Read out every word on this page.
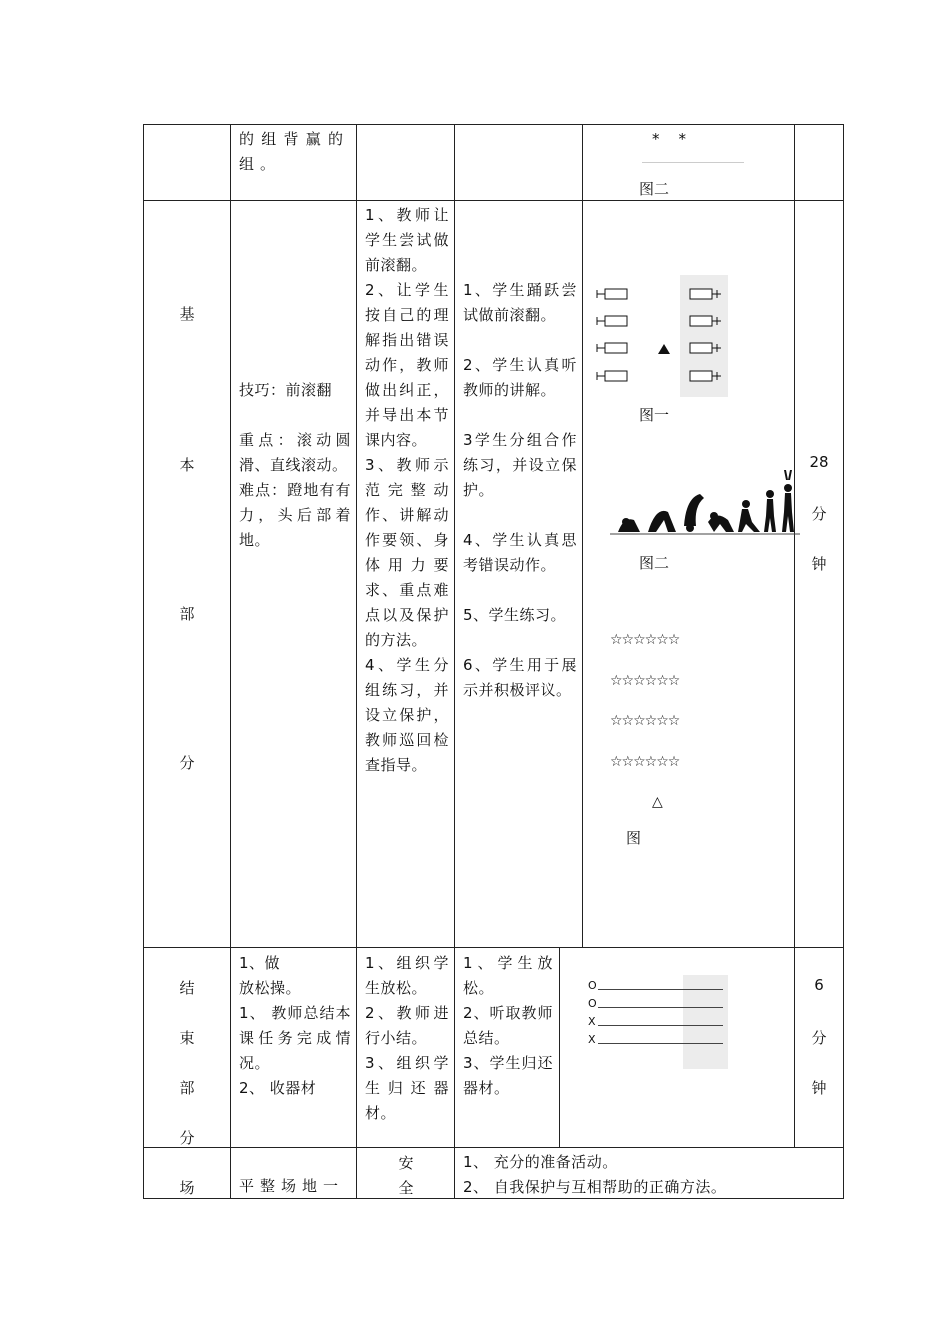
的组背赢的组。
*　*
图二
基
本
部
分
技巧：前滚翻

重点：滚动圆滑、直线滚动。
难点：蹬地有有力，头后部着地。
1、教师让学生尝试做前滚翻。
2、让学生按自己的理解指出错误动作，教师做出纠正，并导出本节课内容。
3、教师示范完整动作、讲解动作要领、身体用力要求、重点难点以及保护的方法。
4、学生分组练习，并设立保护，教师巡回检查指导。
1、学生踊跃尝试做前滚翻。

2、学生认真听教师的讲解。

3学生分组合作练习，并设立保护。

4、学生认真思考错误动作。

5、学生练习。

6、学生用于展示并积极评议。
图一
图二
☆☆☆☆☆☆
☆☆☆☆☆☆
☆☆☆☆☆☆
☆☆☆☆☆☆
△
图
28
分
钟
结
束
部
分
1、做
放松操。
1、 教师总结本课任务完成情况。
2、 收器材
1、组织学生放松。
2、教师进行小结。
3、组织学生归还器材。
1、学生放松。
2、听取教师总结。
3、学生归还器材。
O
O
X
X
6
分
钟
场	平整场地一
安
全
1、 充分的准备活动。
2、 自我保护与互相帮助的正确方法。
